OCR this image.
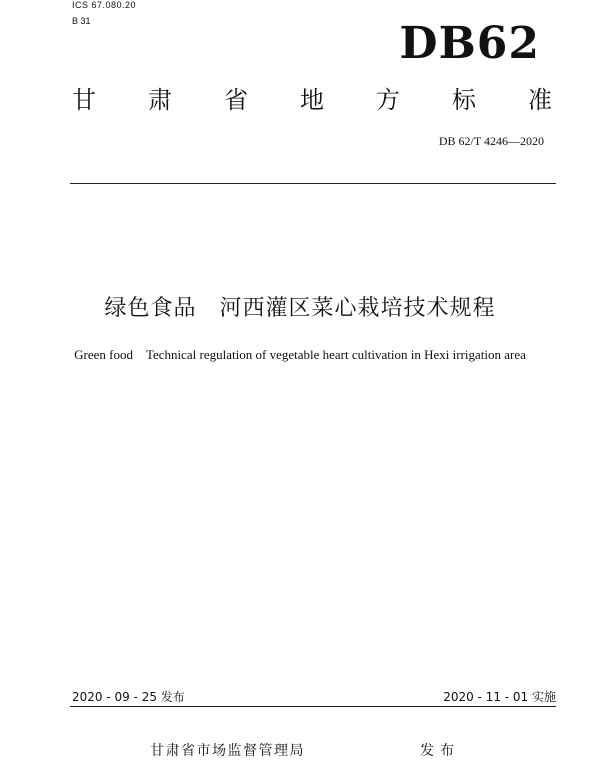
ICS 67.080.20
B 31	DB62
甘 肃 省 地 方 标 准
DB 62/T 4246—2020
绿色食品　河西灌区菜心栽培技术规程
Green food　Technical regulation of vegetable heart cultivation in Hexi irrigation area
2020 - 09 - 25 发布	2020 - 11 - 01 实施
甘肃省市场监督管理局	发布
